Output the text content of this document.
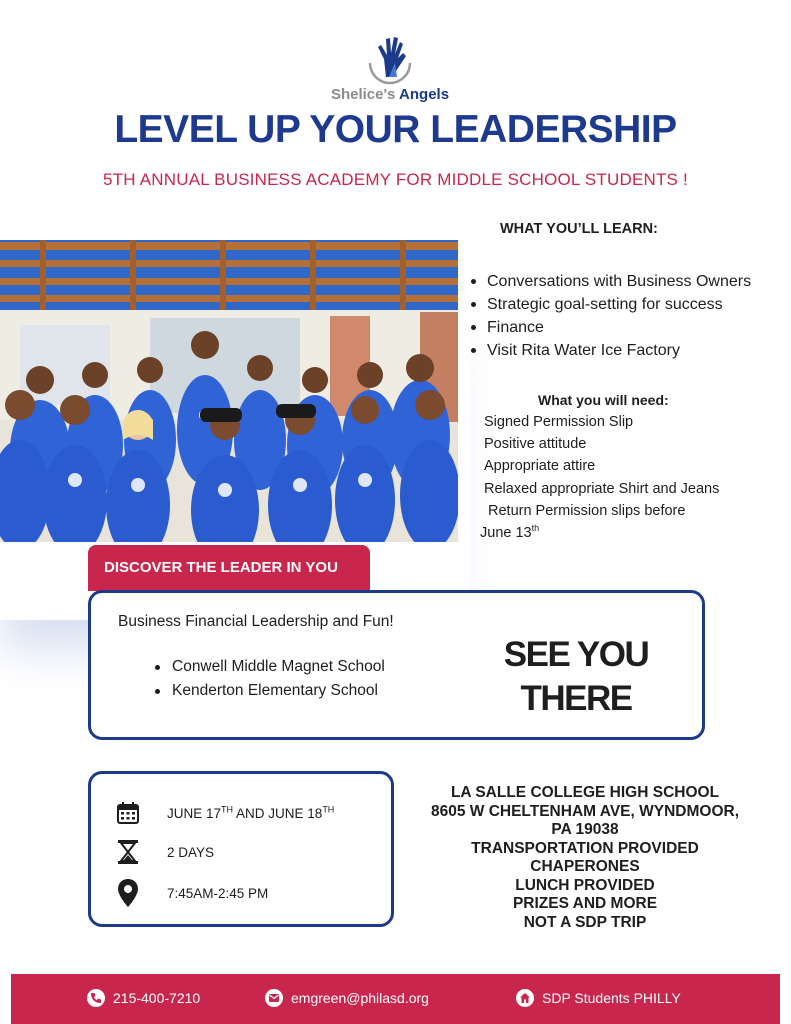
Shelice's Angels
LEVEL UP YOUR LEADERSHIP
5TH ANNUAL BUSINESS ACADEMY FOR MIDDLE SCHOOL STUDENTS !
WHAT YOU’LL LEARN:
Conversations with Business Owners
Strategic goal-setting for success
Finance
Visit Rita Water Ice Factory
What you will need:
Signed Permission Slip
Positive attitude
Appropriate attire
Relaxed appropriate Shirt and Jeans
Return Permission slips before
June 13th
DISCOVER THE LEADER IN YOU
Business Financial Leadership and Fun!
Conwell Middle Magnet School
Kenderton Elementary School
SEE YOU
THERE
JUNE 17TH AND JUNE 18TH
2 DAYS
7:45AM-2:45 PM
LA SALLE COLLEGE HIGH SCHOOL
8605 W CHELTENHAM AVE, WYNDMOOR,
PA 19038
TRANSPORTATION PROVIDED
CHAPERONES
LUNCH PROVIDED
PRIZES AND MORE
NOT A SDP TRIP
215-400-7210	emgreen@philasd.org	SDP Students PHILLY
